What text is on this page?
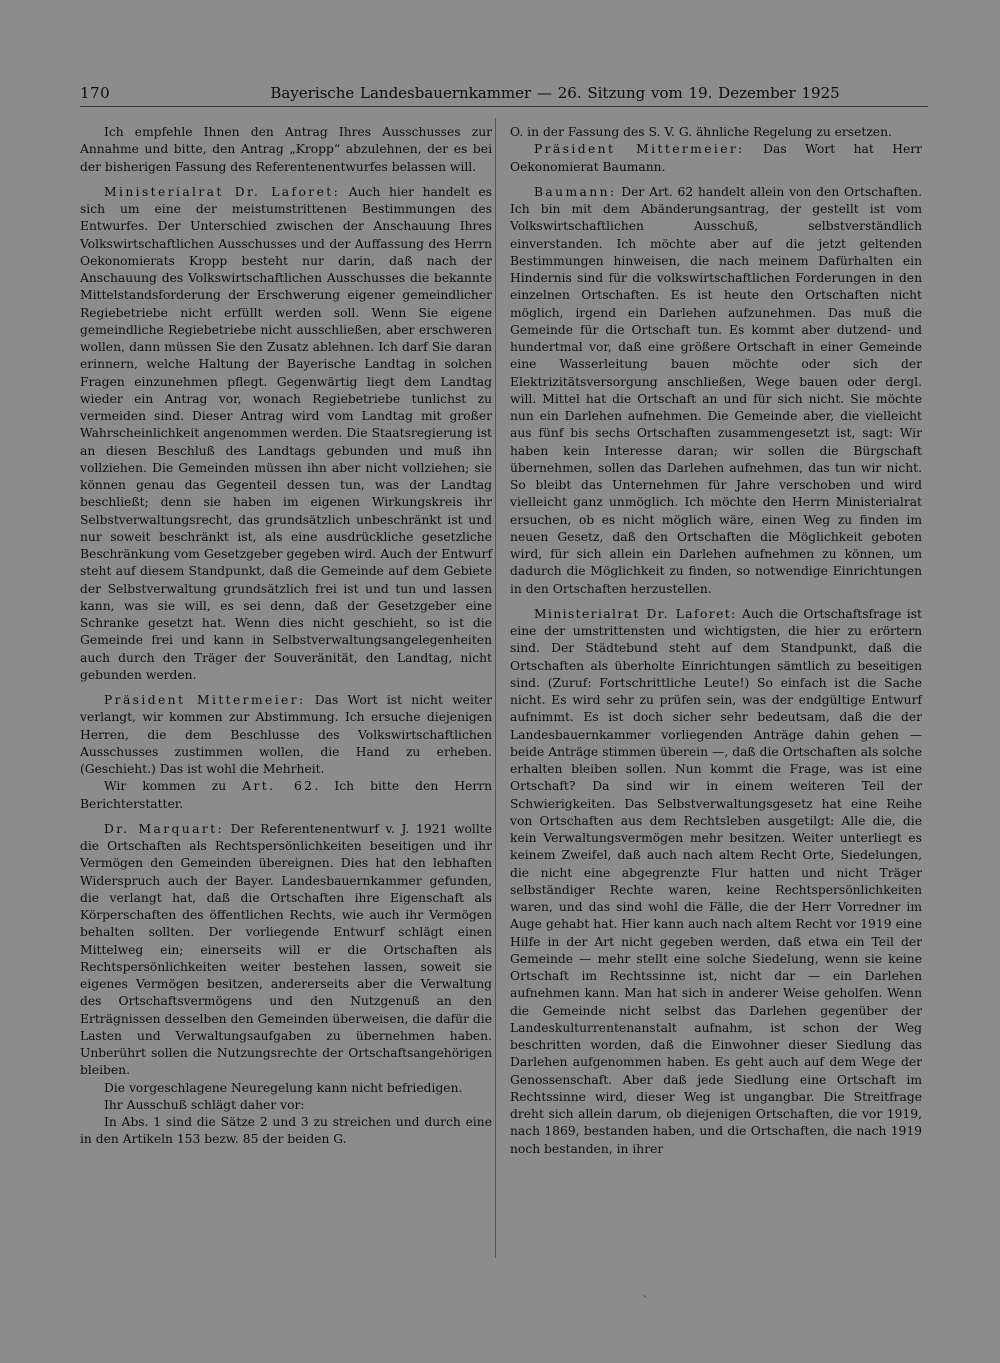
170	Bayerische Landesbauernkammer — 26. Sitzung vom 19. Dezember 1925

Ich empfehle Ihnen den Antrag Ihres Ausschusses zur Annahme und bitte, den Antrag „Kropp“ abzulehnen, der es bei der bisherigen Fassung des Referentenentwurfes belassen will.

Ministerialrat Dr. Laforet: Auch hier handelt es sich um eine der meistumstrittenen Bestimmungen des Entwurfes. Der Unterschied zwischen der Anschauung Ihres Volkswirtschaftlichen Ausschusses und der Auffassung des Herrn Oekonomierats Kropp besteht nur darin, daß nach der Anschauung des Volkswirtschaftlichen Ausschusses die bekannte Mittelstandsforderung der Erschwerung eigener gemeindlicher Regiebetriebe nicht erfüllt werden soll. Wenn Sie eigene gemeindliche Regiebetriebe nicht ausschließen, aber erschweren wollen, dann müssen Sie den Zusatz ablehnen. Ich darf Sie daran erinnern, welche Haltung der Bayerische Landtag in solchen Fragen einzunehmen pflegt. Gegenwärtig liegt dem Landtag wieder ein Antrag vor, wonach Regiebetriebe tunlichst zu vermeiden sind. Dieser Antrag wird vom Landtag mit großer Wahrscheinlichkeit angenommen werden. Die Staatsregierung ist an diesen Beschluß des Landtags gebunden und muß ihn vollziehen. Die Gemeinden müssen ihn aber nicht vollziehen; sie können genau das Gegenteil dessen tun, was der Landtag beschließt; denn sie haben im eigenen Wirkungskreis ihr Selbstverwaltungsrecht, das grundsätzlich unbeschränkt ist und nur soweit beschränkt ist, als eine ausdrückliche gesetzliche Beschränkung vom Gesetzgeber gegeben wird. Auch der Entwurf steht auf diesem Standpunkt, daß die Gemeinde auf dem Gebiete der Selbstverwaltung grundsätzlich frei ist und tun und lassen kann, was sie will, es sei denn, daß der Gesetzgeber eine Schranke gesetzt hat. Wenn dies nicht geschieht, so ist die Gemeinde frei und kann in Selbstverwaltungsangelegenheiten auch durch den Träger der Souveränität, den Landtag, nicht gebunden werden.

Präsident Mittermeier: Das Wort ist nicht weiter verlangt, wir kommen zur Abstimmung. Ich ersuche diejenigen Herren, die dem Beschlusse des Volkswirtschaftlichen Ausschusses zustimmen wollen, die Hand zu erheben. (Geschieht.) Das ist wohl die Mehrheit.

Wir kommen zu Art. 62. Ich bitte den Herrn Berichterstatter.

Dr. Marquart: Der Referentenentwurf v. J. 1921 wollte die Ortschaften als Rechtspersönlichkeiten beseitigen und ihr Vermögen den Gemeinden übereignen. Dies hat den lebhaften Widerspruch auch der Bayer. Landesbauernkammer gefunden, die verlangt hat, daß die Ortschaften ihre Eigenschaft als Körperschaften des öffentlichen Rechts, wie auch ihr Vermögen behalten sollten. Der vorliegende Entwurf schlägt einen Mittelweg ein; einerseits will er die Ortschaften als Rechtspersönlichkeiten weiter bestehen lassen, soweit sie eigenes Vermögen besitzen, andererseits aber die Verwaltung des Ortschaftsvermögens und den Nutzgenuß an den Erträgnissen desselben den Gemeinden überweisen, die dafür die Lasten und Verwaltungsaufgaben zu übernehmen haben. Unberührt sollen die Nutzungsrechte der Ortschaftsangehörigen bleiben.

Die vorgeschlagene Neuregelung kann nicht befriedigen.

Ihr Ausschuß schlägt daher vor:

In Abs. 1 sind die Sätze 2 und 3 zu streichen und durch eine in den Artikeln 153 bezw. 85 der beiden G.

O. in der Fassung des S. V. G. ähnliche Regelung zu ersetzen.

Präsident Mittermeier: Das Wort hat Herr Oekonomierat Baumann.

Baumann: Der Art. 62 handelt allein von den Ortschaften. Ich bin mit dem Abänderungsantrag, der gestellt ist vom Volkswirtschaftlichen Ausschuß, selbstverständlich einverstanden. Ich möchte aber auf die jetzt geltenden Bestimmungen hinweisen, die nach meinem Dafürhalten ein Hindernis sind für die volkswirtschaftlichen Forderungen in den einzelnen Ortschaften. Es ist heute den Ortschaften nicht möglich, irgend ein Darlehen aufzunehmen. Das muß die Gemeinde für die Ortschaft tun. Es kommt aber dutzend- und hundertmal vor, daß eine größere Ortschaft in einer Gemeinde eine Wasserleitung bauen möchte oder sich der Elektrizitätsversorgung anschließen, Wege bauen oder dergl. will. Mittel hat die Ortschaft an und für sich nicht. Sie möchte nun ein Darlehen aufnehmen. Die Gemeinde aber, die vielleicht aus fünf bis sechs Ortschaften zusammengesetzt ist, sagt: Wir haben kein Interesse daran; wir sollen die Bürgschaft übernehmen, sollen das Darlehen aufnehmen, das tun wir nicht. So bleibt das Unternehmen für Jahre verschoben und wird vielleicht ganz unmöglich. Ich möchte den Herrn Ministerialrat ersuchen, ob es nicht möglich wäre, einen Weg zu finden im neuen Gesetz, daß den Ortschaften die Möglichkeit geboten wird, für sich allein ein Darlehen aufnehmen zu können, um dadurch die Möglichkeit zu finden, so notwendige Einrichtungen in den Ortschaften herzustellen.

Ministerialrat Dr. Laforet: Auch die Ortschaftsfrage ist eine der umstrittensten und wichtigsten, die hier zu erörtern sind. Der Städtebund steht auf dem Standpunkt, daß die Ortschaften als überholte Einrichtungen sämtlich zu beseitigen sind. (Zuruf: Fortschrittliche Leute!) So einfach ist die Sache nicht. Es wird sehr zu prüfen sein, was der endgültige Entwurf aufnimmt. Es ist doch sicher sehr bedeutsam, daß die der Landesbauernkammer vorliegenden Anträge dahin gehen — beide Anträge stimmen überein —, daß die Ortschaften als solche erhalten bleiben sollen. Nun kommt die Frage, was ist eine Ortschaft? Da sind wir in einem weiteren Teil der Schwierigkeiten. Das Selbstverwaltungsgesetz hat eine Reihe von Ortschaften aus dem Rechtsleben ausgetilgt: Alle die, die kein Verwaltungsvermögen mehr besitzen. Weiter unterliegt es keinem Zweifel, daß auch nach altem Recht Orte, Siedelungen, die nicht eine abgegrenzte Flur hatten und nicht Träger selbständiger Rechte waren, keine Rechtspersönlichkeiten waren, und das sind wohl die Fälle, die der Herr Vorredner im Auge gehabt hat. Hier kann auch nach altem Recht vor 1919 eine Hilfe in der Art nicht gegeben werden, daß etwa ein Teil der Gemeinde — mehr stellt eine solche Siedelung, wenn sie keine Ortschaft im Rechtssinne ist, nicht dar — ein Darlehen aufnehmen kann. Man hat sich in anderer Weise geholfen. Wenn die Gemeinde nicht selbst das Darlehen gegenüber der Landeskulturrentenanstalt aufnahm, ist schon der Weg beschritten worden, daß die Einwohner dieser Siedlung das Darlehen aufgenommen haben. Es geht auch auf dem Wege der Genossenschaft. Aber daß jede Siedlung eine Ortschaft im Rechtssinne wird, dieser Weg ist ungangbar. Die Streitfrage dreht sich allein darum, ob diejenigen Ortschaften, die vor 1919, nach 1869, bestanden haben, und die Ortschaften, die nach 1919 noch bestanden, in ihrer

`
